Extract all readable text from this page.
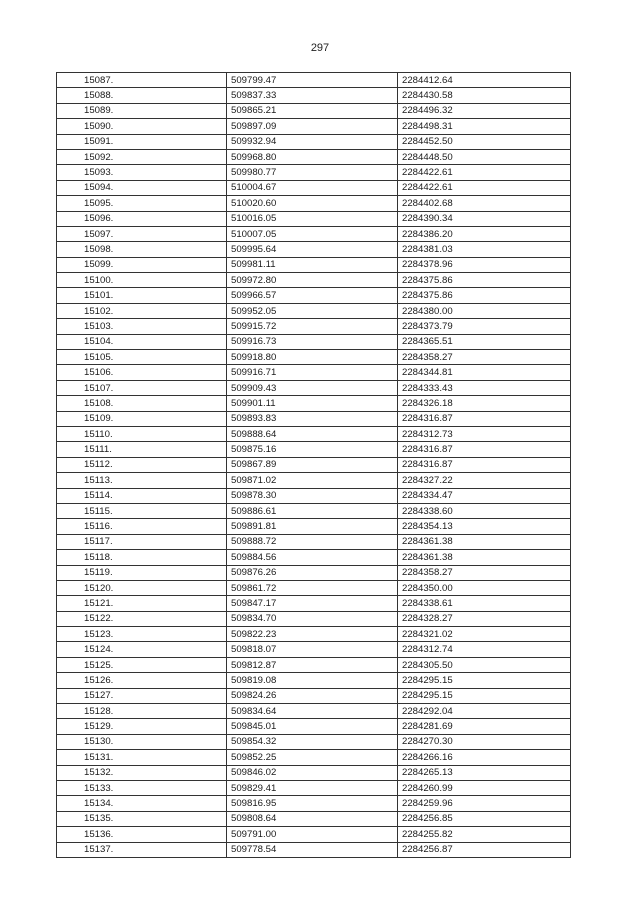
297
15087.	509799.47	2284412.64
15088.	509837.33	2284430.58
15089.	509865.21	2284496.32
15090.	509897.09	2284498.31
15091.	509932.94	2284452.50
15092.	509968.80	2284448.50
15093.	509980.77	2284422.61
15094.	510004.67	2284422.61
15095.	510020.60	2284402.68
15096.	510016.05	2284390.34
15097.	510007.05	2284386.20
15098.	509995.64	2284381.03
15099.	509981.11	2284378.96
15100.	509972.80	2284375.86
15101.	509966.57	2284375.86
15102.	509952.05	2284380.00
15103.	509915.72	2284373.79
15104.	509916.73	2284365.51
15105.	509918.80	2284358.27
15106.	509916.71	2284344.81
15107.	509909.43	2284333.43
15108.	509901.11	2284326.18
15109.	509893.83	2284316.87
15110.	509888.64	2284312.73
15111.	509875.16	2284316.87
15112.	509867.89	2284316.87
15113.	509871.02	2284327.22
15114.	509878.30	2284334.47
15115.	509886.61	2284338.60
15116.	509891.81	2284354.13
15117.	509888.72	2284361.38
15118.	509884.56	2284361.38
15119.	509876.26	2284358.27
15120.	509861.72	2284350.00
15121.	509847.17	2284338.61
15122.	509834.70	2284328.27
15123.	509822.23	2284321.02
15124.	509818.07	2284312.74
15125.	509812.87	2284305.50
15126.	509819.08	2284295.15
15127.	509824.26	2284295.15
15128.	509834.64	2284292.04
15129.	509845.01	2284281.69
15130.	509854.32	2284270.30
15131.	509852.25	2284266.16
15132.	509846.02	2284265.13
15133.	509829.41	2284260.99
15134.	509816.95	2284259.96
15135.	509808.64	2284256.85
15136.	509791.00	2284255.82
15137.	509778.54	2284256.87
